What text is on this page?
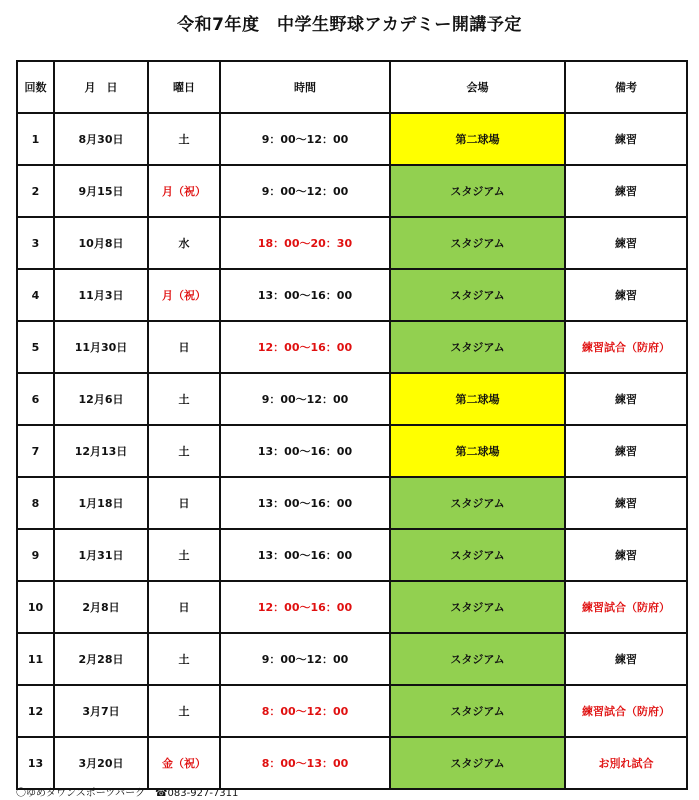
令和7年度　中学生野球アカデミー開講予定
回数	月　日	曜日	時間	会場	備考
1	8月30日	土	9：00～12：00	第二球場	練習
2	9月15日	月（祝）	9：00～12：00	スタジアム	練習
3	10月8日	水	18：00～20：30	スタジアム	練習
4	11月3日	月（祝）	13：00～16：00	スタジアム	練習
5	11月30日	日	12：00～16：00	スタジアム	練習試合（防府）
6	12月6日	土	9：00～12：00	第二球場	練習
7	12月13日	土	13：00～16：00	第二球場	練習
8	1月18日	日	13：00～16：00	スタジアム	練習
9	1月31日	土	13：00～16：00	スタジアム	練習
10	2月8日	日	12：00～16：00	スタジアム	練習試合（防府）
11	2月28日	土	9：00～12：00	スタジアム	練習
12	3月7日	土	8：00～12：00	スタジアム	練習試合（防府）
13	3月20日	金（祝）	8：00～13：00	スタジアム	お別れ試合
〇ゆめタウンスポーツパーク　☎083-927-7311
